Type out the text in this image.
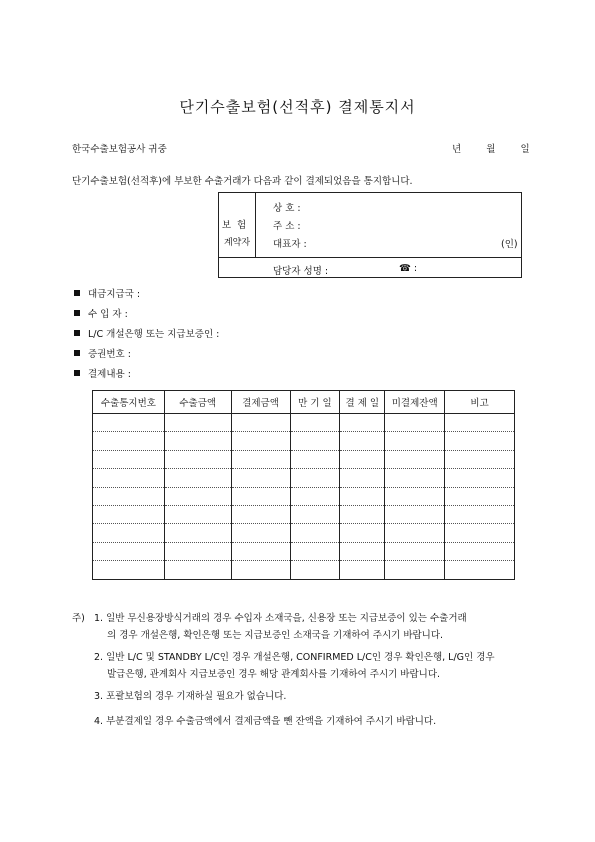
단기수출보험(선적후) 결제통지서
한국수출보험공사 귀중	년	월	일
단기수출보험(선적후)에 부보한 수출거래가 다음과 같이 결제되었음을 통지합니다.
보험
계약자
상 호 :
주 소 :
대표자 :	(인)
담당자 성명 :	☎ :
대금지급국 :
수 입 자 :
L/C 개설은행 또는 지급보증인 :
증권번호 :
결제내용 :
수출통지번호	수출금액	결제금액	만 기 일	결 제 일	미결제잔액	비고

주) 1. 일반 무신용장방식거래의 경우 수입자 소재국을, 신용장 또는 지급보증이 있는 수출거래
의 경우 개설은행, 확인은행 또는 지급보증인 소재국을 기재하여 주시기 바랍니다.
2. 일반 L/C 및 STANDBY L/C인 경우 개설은행, CONFIRMED L/C인 경우 확인은행, L/G인 경우
발급은행, 관계회사 지급보증인 경우 해당 관계회사를 기재하여 주시기 바랍니다.
3. 포괄보험의 경우 기재하실 필요가 없습니다.
4. 부분결제일 경우 수출금액에서 결제금액을 뺀 잔액을 기재하여 주시기 바랍니다.
